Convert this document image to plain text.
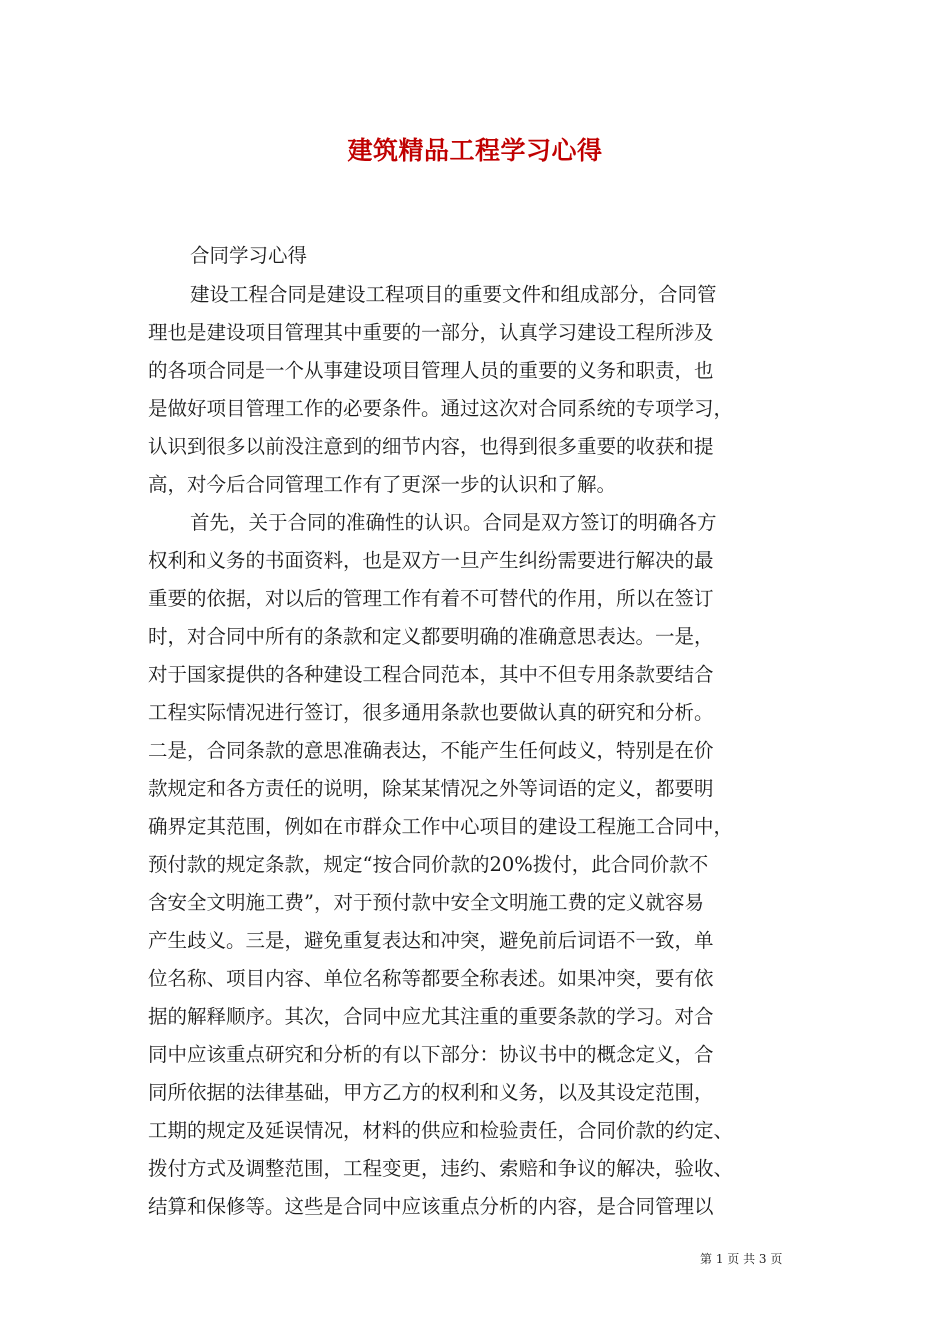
建筑精品工程学习心得
合同学习心得
建设工程合同是建设工程项目的重要文件和组成部分，合同管
理也是建设项目管理其中重要的一部分，认真学习建设工程所涉及
的各项合同是一个从事建设项目管理人员的重要的义务和职责，也
是做好项目管理工作的必要条件。通过这次对合同系统的专项学习，
认识到很多以前没注意到的细节内容，也得到很多重要的收获和提
高，对今后合同管理工作有了更深一步的认识和了解。
首先，关于合同的准确性的认识。合同是双方签订的明确各方
权利和义务的书面资料，也是双方一旦产生纠纷需要进行解决的最
重要的依据，对以后的管理工作有着不可替代的作用，所以在签订
时，对合同中所有的条款和定义都要明确的准确意思表达。一是，
对于国家提供的各种建设工程合同范本，其中不但专用条款要结合
工程实际情况进行签订，很多通用条款也要做认真的研究和分析。
二是，合同条款的意思准确表达，不能产生任何歧义，特别是在价
款规定和各方责任的说明，除某某情况之外等词语的定义，都要明
确界定其范围，例如在市群众工作中心项目的建设工程施工合同中，
预付款的规定条款，规定“按合同价款的20%拨付，此合同价款不
含安全文明施工费”，对于预付款中安全文明施工费的定义就容易
产生歧义。三是，避免重复表达和冲突，避免前后词语不一致，单
位名称、项目内容、单位名称等都要全称表述。如果冲突，要有依
据的解释顺序。其次，合同中应尤其注重的重要条款的学习。对合
同中应该重点研究和分析的有以下部分：协议书中的概念定义，合
同所依据的法律基础，甲方乙方的权利和义务，以及其设定范围，
工期的规定及延误情况，材料的供应和检验责任，合同价款的约定、
拨付方式及调整范围，工程变更，违约、索赔和争议的解决，验收、
结算和保修等。这些是合同中应该重点分析的内容，是合同管理以
第 1 页 共 3 页
